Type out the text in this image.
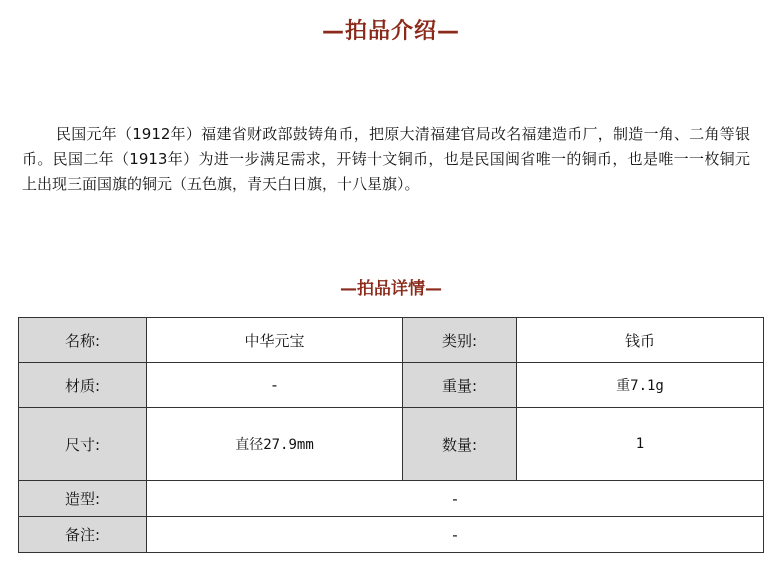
—拍品介绍—

民国元年（1912年）福建省财政部鼓铸角币，把原大清福建官局改名福建造币厂，制造一角、二角等银币。民国二年（1913年）为进一步满足需求，开铸十文铜币，也是民国闽省唯一的铜币，也是唯一一枚铜元上出现三面国旗的铜元（五色旗，青天白日旗，十八星旗）。

—拍品详情—
名称:	中华元宝	类别:	钱币
材质:	-	重量:	重7.1g
尺寸:	直径27.9mm	数量:	1
造型:	-		
备注:	-		
